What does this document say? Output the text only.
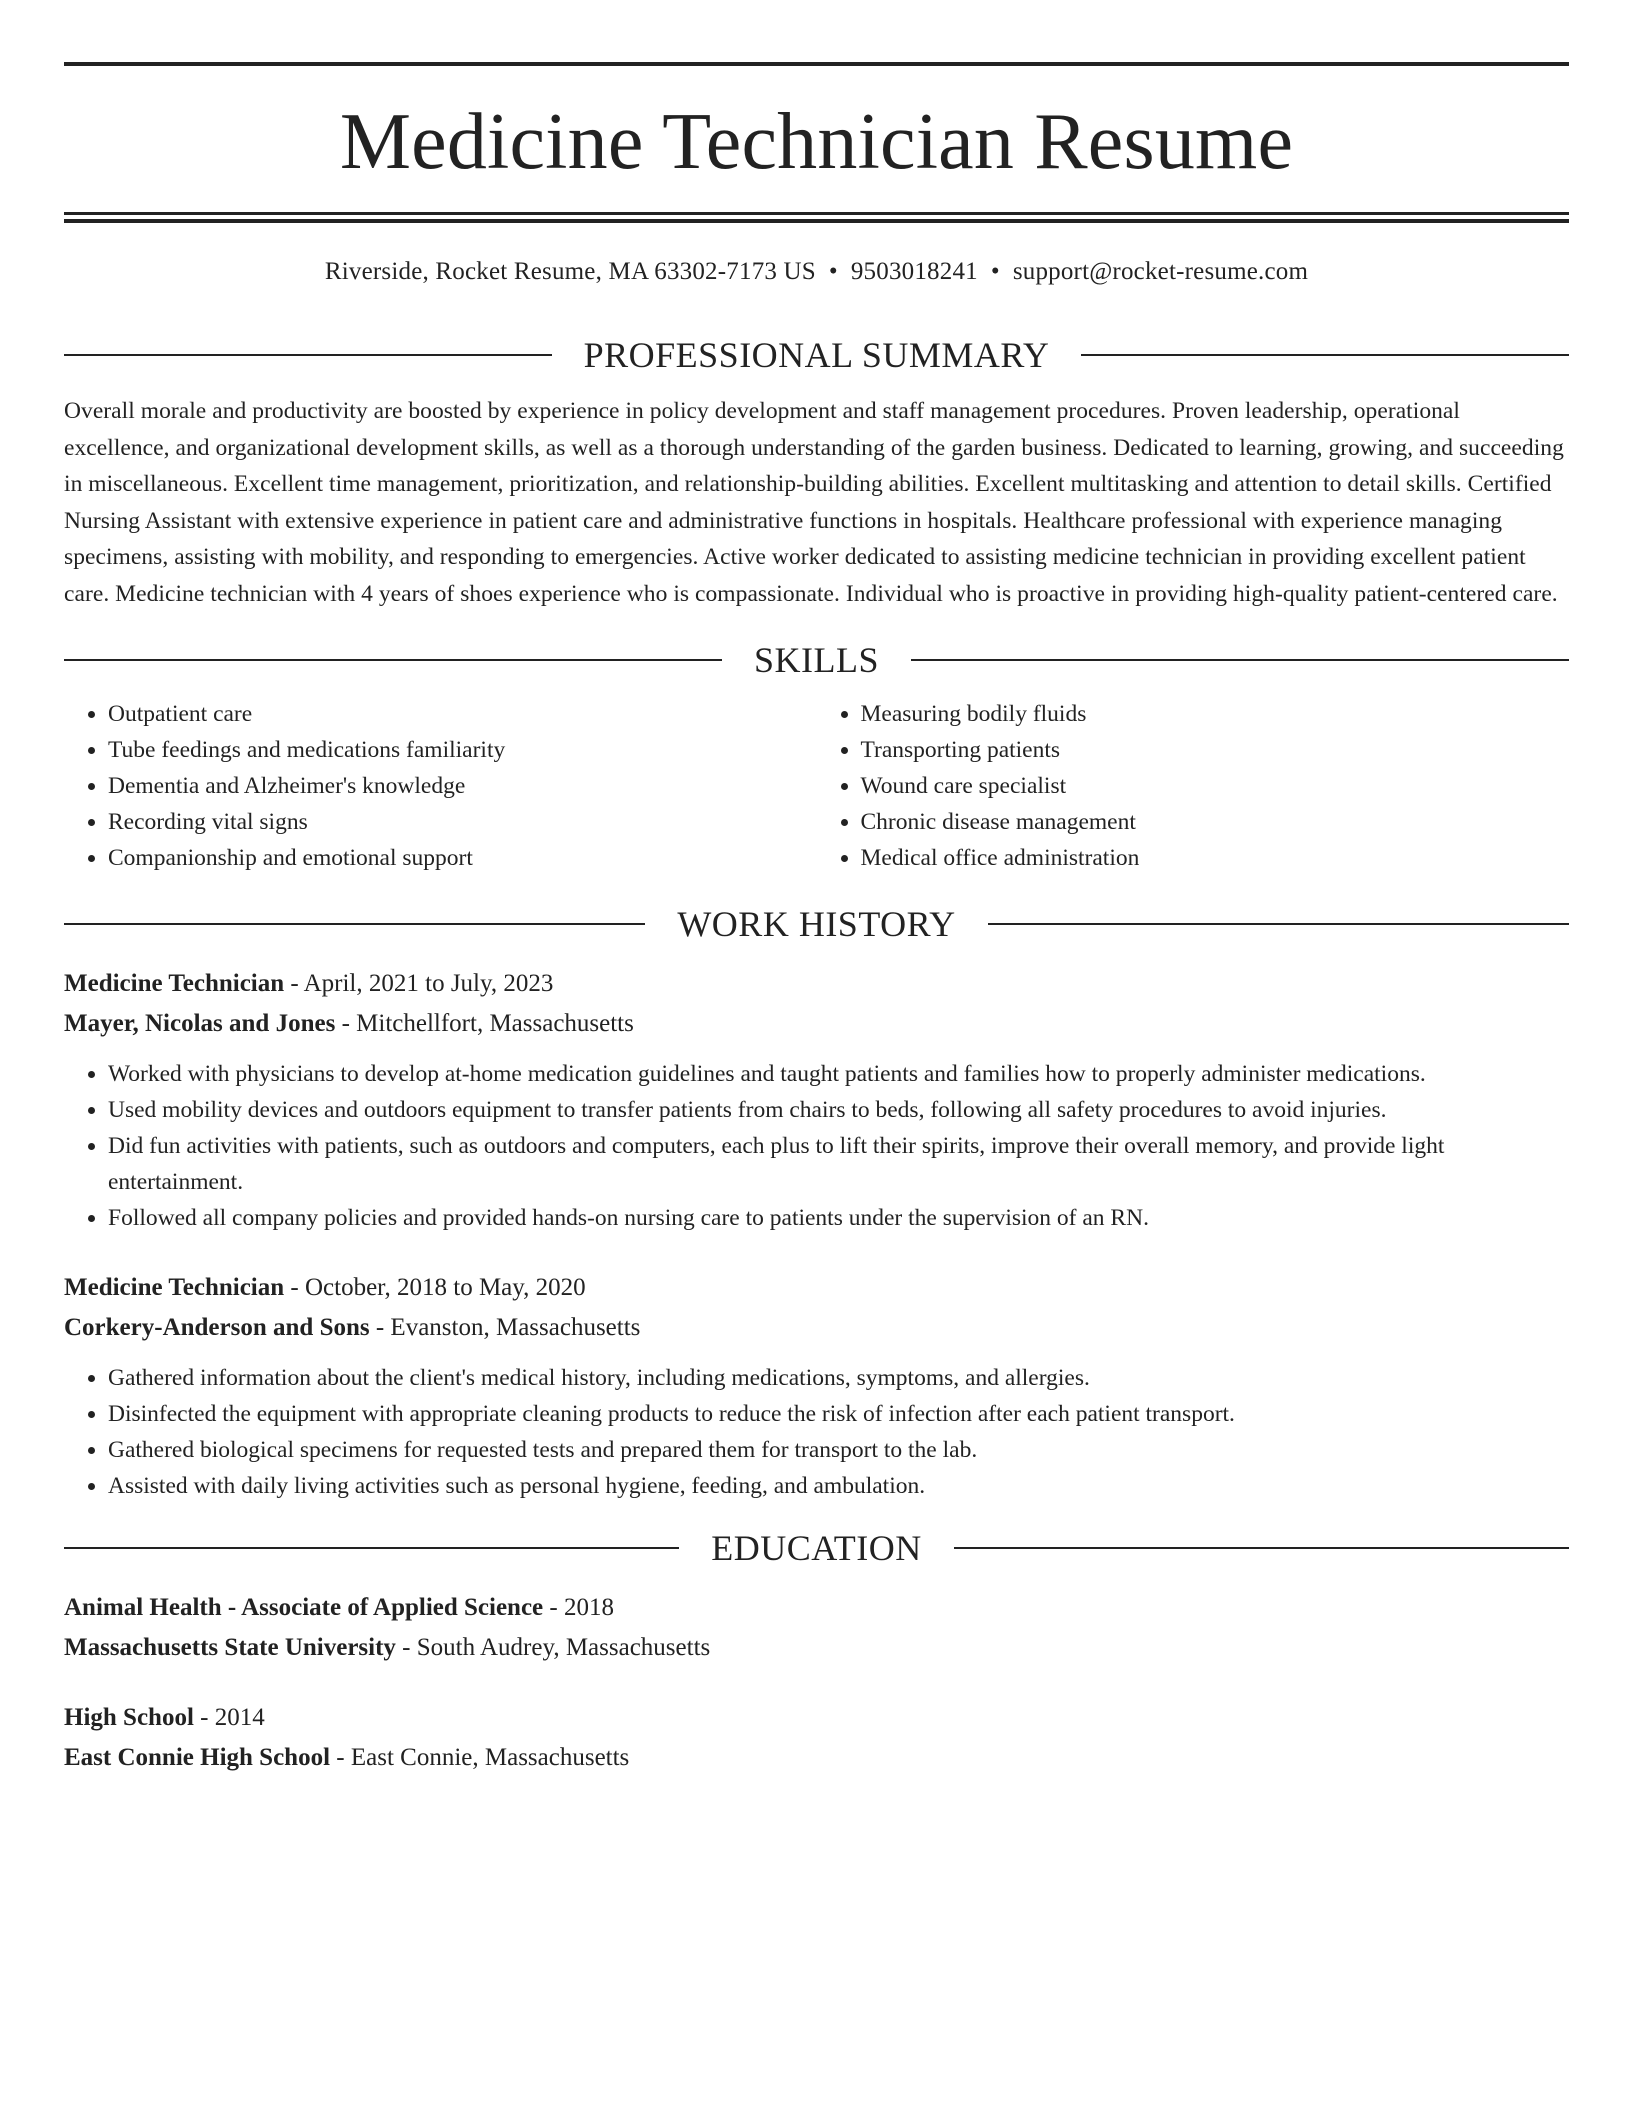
Medicine Technician Resume
Riverside, Rocket Resume, MA 63302-7173 US • 9503018241 • support@rocket-resume.com
PROFESSIONAL SUMMARY

Overall morale and productivity are boosted by experience in policy development and staff management procedures. Proven leadership, operational excellence, and organizational development skills, as well as a thorough understanding of the garden business. Dedicated to learning, growing, and succeeding in miscellaneous. Excellent time management, prioritization, and relationship-building abilities. Excellent multitasking and attention to detail skills. Certified Nursing Assistant with extensive experience in patient care and administrative functions in hospitals. Healthcare professional with experience managing specimens, assisting with mobility, and responding to emergencies. Active worker dedicated to assisting medicine technician in providing excellent patient care. Medicine technician with 4 years of shoes experience who is compassionate. Individual who is proactive in providing high-quality patient-centered care.

SKILLS
• Outpatient care
• Tube feedings and medications familiarity
• Dementia and Alzheimer's knowledge
• Recording vital signs
• Companionship and emotional support
• Measuring bodily fluids
• Transporting patients
• Wound care specialist
• Chronic disease management
• Medical office administration
WORK HISTORY
Medicine Technician - April, 2021 to July, 2023
Mayer, Nicolas and Jones - Mitchellfort, Massachusetts
• Worked with physicians to develop at-home medication guidelines and taught patients and families how to properly administer medications.
• Used mobility devices and outdoors equipment to transfer patients from chairs to beds, following all safety procedures to avoid injuries.
• Did fun activities with patients, such as outdoors and computers, each plus to lift their spirits, improve their overall memory, and provide light entertainment.
• Followed all company policies and provided hands-on nursing care to patients under the supervision of an RN.
Medicine Technician - October, 2018 to May, 2020
Corkery-Anderson and Sons - Evanston, Massachusetts
• Gathered information about the client's medical history, including medications, symptoms, and allergies.
• Disinfected the equipment with appropriate cleaning products to reduce the risk of infection after each patient transport.
• Gathered biological specimens for requested tests and prepared them for transport to the lab.
• Assisted with daily living activities such as personal hygiene, feeding, and ambulation.
EDUCATION
Animal Health - Associate of Applied Science - 2018
Massachusetts State University - South Audrey, Massachusetts
High School - 2014
East Connie High School - East Connie, Massachusetts
